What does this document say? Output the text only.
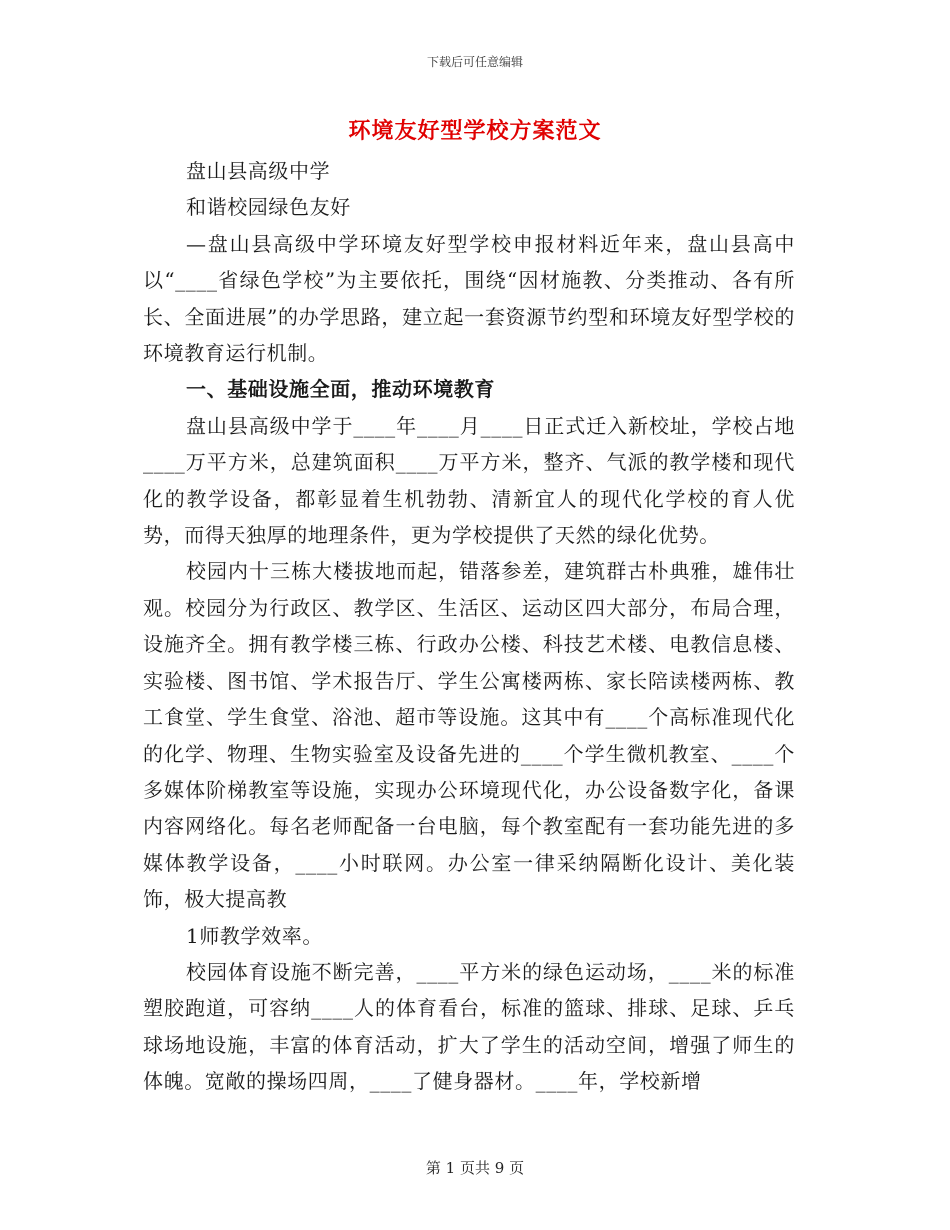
下载后可任意编辑
环境友好型学校方案范文

盘山县高级中学

和谐校园绿色友好

—盘山县高级中学环境友好型学校申报材料近年来，盘山县高中以“____省绿色学校”为主要依托，围绕“因材施教、分类推动、各有所长、全面进展”的办学思路，建立起一套资源节约型和环境友好型学校的环境教育运行机制。

一、基础设施全面，推动环境教育

盘山县高级中学于____年____月____日正式迁入新校址，学校占地____万平方米，总建筑面积____万平方米，整齐、气派的教学楼和现代化的教学设备，都彰显着生机勃勃、清新宜人的现代化学校的育人优势，而得天独厚的地理条件，更为学校提供了天然的绿化优势。

校园内十三栋大楼拔地而起，错落参差，建筑群古朴典雅，雄伟壮观。校园分为行政区、教学区、生活区、运动区四大部分，布局合理，设施齐全。拥有教学楼三栋、行政办公楼、科技艺术楼、电教信息楼、实验楼、图书馆、学术报告厅、学生公寓楼两栋、家长陪读楼两栋、教工食堂、学生食堂、浴池、超市等设施。这其中有____个高标准现代化的化学、物理、生物实验室及设备先进的____个学生微机教室、____个多媒体阶梯教室等设施，实现办公环境现代化，办公设备数字化，备课内容网络化。每名老师配备一台电脑，每个教室配有一套功能先进的多媒体教学设备，____小时联网。办公室一律采纳隔断化设计、美化装饰，极大提高教

1师教学效率。

校园体育设施不断完善，____平方米的绿色运动场，____米的标准塑胶跑道，可容纳____人的体育看台，标准的篮球、排球、足球、乒乓球场地设施，丰富的体育活动，扩大了学生的活动空间，增强了师生的体魄。宽敞的操场四周，____了健身器材。____年，学校新增

第 1 页共 9 页
